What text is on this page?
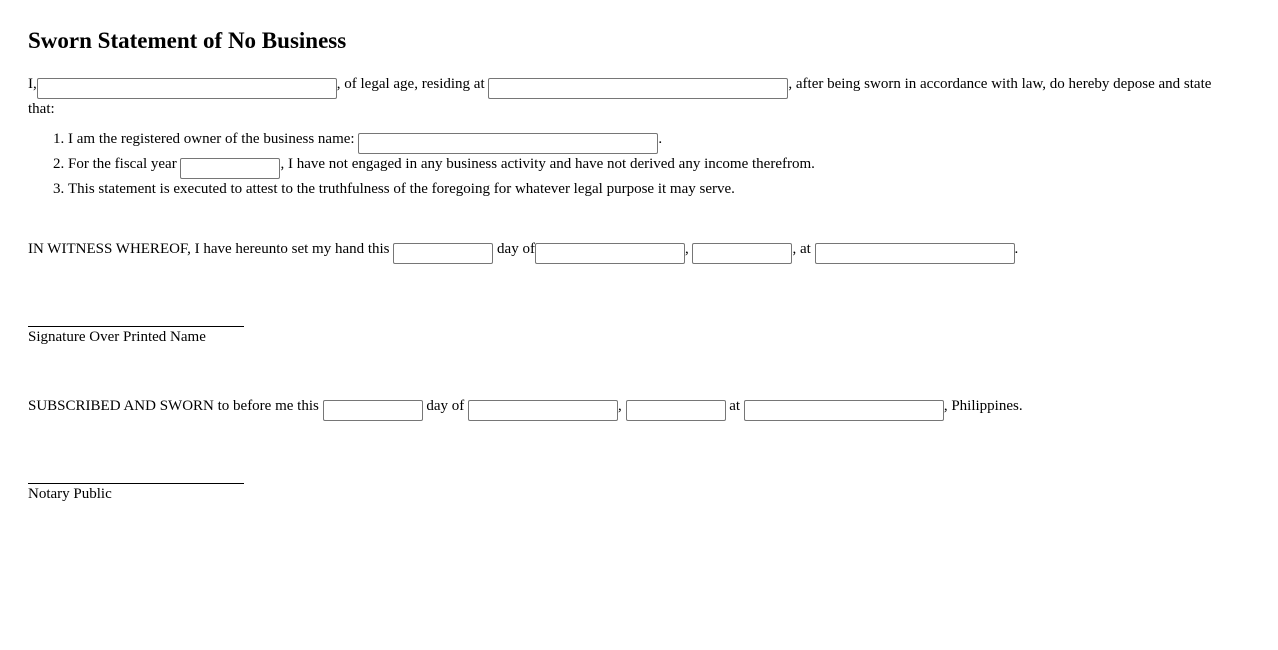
Sworn Statement of No Business
I,	, of legal age, residing at	, after being sworn in accordance with law, do hereby depose and state that:
1. I am the registered owner of the business name:	.
2. For the fiscal year	, I have not engaged in any business activity and have not derived any income therefrom.
3. This statement is executed to attest to the truthfulness of the foregoing for whatever legal purpose it may serve.
IN WITNESS WHEREOF, I have hereunto set my hand this	day of	,	, at	.
Signature Over Printed Name
SUBSCRIBED AND SWORN to before me this	day of	,	at	, Philippines.
Notary Public
